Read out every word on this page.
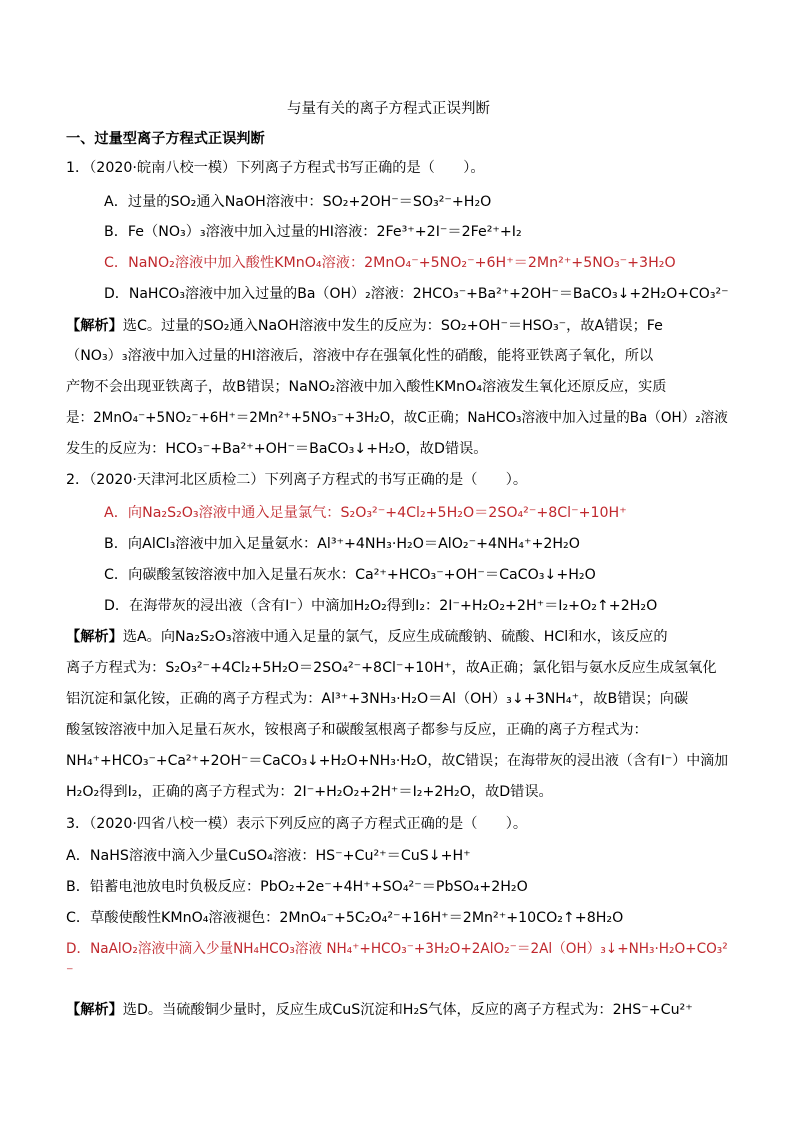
与量有关的离子方程式正误判断
一、过量型离子方程式正误判断
1．（2020·皖南八校一模）下列离子方程式书写正确的是（　　）。
A．过量的SO₂通入NaOH溶液中：SO₂+2OH⁻＝SO₃²⁻+H₂O
B．Fe（NO₃）₃溶液中加入过量的HI溶液：2Fe³⁺+2I⁻＝2Fe²⁺+I₂
C．NaNO₂溶液中加入酸性KMnO₄溶液：2MnO₄⁻+5NO₂⁻+6H⁺＝2Mn²⁺+5NO₃⁻+3H₂O
D．NaHCO₃溶液中加入过量的Ba（OH）₂溶液：2HCO₃⁻+Ba²⁺+2OH⁻＝BaCO₃↓+2H₂O+CO₃²⁻
【解析】选C。过量的SO₂通入NaOH溶液中发生的反应为：SO₂+OH⁻＝HSO₃⁻，故A错误；Fe
（NO₃）₃溶液中加入过量的HI溶液后，溶液中存在强氧化性的硝酸，能将亚铁离子氧化，所以
产物不会出现亚铁离子，故B错误；NaNO₂溶液中加入酸性KMnO₄溶液发生氧化还原反应，实质
是：2MnO₄⁻+5NO₂⁻+6H⁺＝2Mn²⁺+5NO₃⁻+3H₂O，故C正确；NaHCO₃溶液中加入过量的Ba（OH）₂溶液
发生的反应为：HCO₃⁻+Ba²⁺+OH⁻＝BaCO₃↓+H₂O，故D错误。
2．（2020·天津河北区质检二）下列离子方程式的书写正确的是（　　）。
A．向Na₂S₂O₃溶液中通入足量氯气：S₂O₃²⁻+4Cl₂+5H₂O＝2SO₄²⁻+8Cl⁻+10H⁺
B．向AlCl₃溶液中加入足量氨水：Al³⁺+4NH₃·H₂O＝AlO₂⁻+4NH₄⁺+2H₂O
C．向碳酸氢铵溶液中加入足量石灰水：Ca²⁺+HCO₃⁻+OH⁻＝CaCO₃↓+H₂O
D．在海带灰的浸出液（含有I⁻）中滴加H₂O₂得到I₂：2I⁻+H₂O₂+2H⁺＝I₂+O₂↑+2H₂O
【解析】选A。向Na₂S₂O₃溶液中通入足量的氯气，反应生成硫酸钠、硫酸、HCl和水，该反应的
离子方程式为：S₂O₃²⁻+4Cl₂+5H₂O＝2SO₄²⁻+8Cl⁻+10H⁺，故A正确；氯化铝与氨水反应生成氢氧化
铝沉淀和氯化铵，正确的离子方程式为：Al³⁺+3NH₃·H₂O＝Al（OH）₃↓+3NH₄⁺，故B错误；向碳
酸氢铵溶液中加入足量石灰水，铵根离子和碳酸氢根离子都参与反应，正确的离子方程式为：
NH₄⁺+HCO₃⁻+Ca²⁺+2OH⁻＝CaCO₃↓+H₂O+NH₃·H₂O，故C错误；在海带灰的浸出液（含有I⁻）中滴加
H₂O₂得到I₂，正确的离子方程式为：2I⁻+H₂O₂+2H⁺＝I₂+2H₂O，故D错误。
3．（2020·四省八校一模）表示下列反应的离子方程式正确的是（　　）。
A．NaHS溶液中滴入少量CuSO₄溶液：HS⁻+Cu²⁺＝CuS↓+H⁺
B．铅蓄电池放电时负极反应：PbO₂+2e⁻+4H⁺+SO₄²⁻＝PbSO₄+2H₂O
C．草酸使酸性KMnO₄溶液褪色：2MnO₄⁻+5C₂O₄²⁻+16H⁺＝2Mn²⁺+10CO₂↑+8H₂O
D．NaAlO₂溶液中滴入少量NH₄HCO₃溶液 NH₄⁺+HCO₃⁻+3H₂O+2AlO₂⁻＝2Al（OH）₃↓+NH₃·H₂O+CO₃²
⁻
【解析】选D。当硫酸铜少量时，反应生成CuS沉淀和H₂S气体，反应的离子方程式为：2HS⁻+Cu²⁺
